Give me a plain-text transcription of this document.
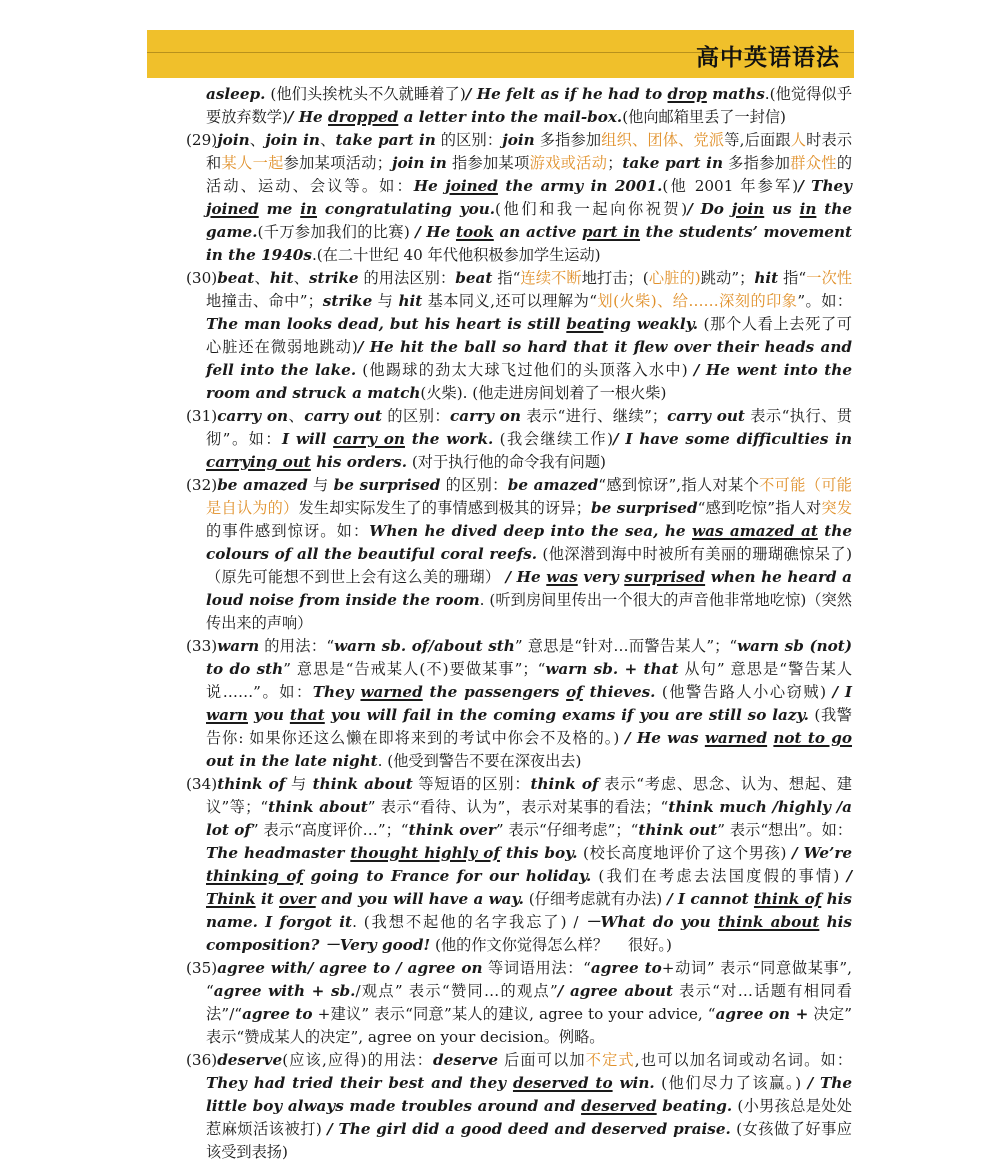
高中英语语法
asleep. (他们头挨枕头不久就睡着了)/ He felt as if he had to drop maths.(他觉得似乎要放弃数学)/ He dropped a letter into the mail-box.(他向邮箱里丢了一封信)
(29)join、join in、take part in 的区别：join 多指参加组织、团体、党派等,后面跟人时表示和某人一起参加某项活动；join in 指参加某项游戏或活动；take part in 多指参加群众性的活动、运动、会议等。如：He joined the army in 2001.(他 2001 年参军)/ They joined me in congratulating you.(他们和我一起向你祝贺)/ Do join us in the game.(千万参加我们的比赛) / He took an active part in the students’ movement in the 1940s.(在二十世纪 40 年代他积极参加学生运动)
(30)beat、hit、strike 的用法区别：beat 指“连续不断地打击；(心脏的)跳动”；hit 指“一次性地撞击、命中”；strike 与 hit 基本同义,还可以理解为“划(火柴)、给……深刻的印象”。如：The man looks dead, but his heart is still beating weakly. (那个人看上去死了可心脏还在微弱地跳动)/ He hit the ball so hard that it flew over their heads and fell into the lake. (他踢球的劲太大球飞过他们的头顶落入水中) / He went into the room and struck a match(火柴). (他走进房间划着了一根火柴)
(31)carry on、carry out 的区别：carry on 表示“进行、继续”；carry out 表示“执行、贯彻”。如：I will carry on the work. (我会继续工作)/ I have some difficulties in carrying out his orders. (对于执行他的命令我有问题)
(32)be amazed 与 be surprised 的区别：be amazed“感到惊讶”,指人对某个不可能（可能是自认为的）发生却实际发生了的事情感到极其的讶异；be surprised“感到吃惊”指人对突发的事件感到惊讶。如：When he dived deep into the sea, he was amazed at the colours of all the beautiful coral reefs. (他深潜到海中时被所有美丽的珊瑚礁惊呆了)（原先可能想不到世上会有这么美的珊瑚） / He was very surprised when he heard a loud noise from inside the room. (听到房间里传出一个很大的声音他非常地吃惊)（突然传出来的声响）
(33)warn 的用法：“warn sb. of/about sth” 意思是“针对…而警告某人”；“warn sb (not) to do sth” 意思是“告戒某人(不)要做某事”；“warn sb. + that 从句” 意思是“警告某人说……”。如：They warned the passengers of thieves. (他警告路人小心窃贼) / I warn you that you will fail in the coming exams if you are still so lazy. (我警告你: 如果你还这么懒在即将来到的考试中你会不及格的。) / He was warned not to go out in the late night. (他受到警告不要在深夜出去)
(34)think of 与 think about 等短语的区别：think of 表示“考虑、思念、认为、想起、建议”等；“think about” 表示“看待、认为”，表示对某事的看法；“think much /highly /a lot of” 表示“高度评价…”；“think over” 表示“仔细考虑”；“think out” 表示“想出”。如：The headmaster thought highly of this boy. (校长高度地评价了这个男孩) / We’re thinking of going to France for our holiday. (我们在考虑去法国度假的事情) / Think it over and you will have a way. (仔细考虑就有办法) / I cannot think of his name. I forgot it. (我想不起他的名字我忘了) / －What do you think about his composition? －Very good! (他的作文你觉得怎么样？　 很好。)
(35)agree with/ agree to / agree on 等词语用法：“agree to+动词” 表示“同意做某事”, “agree with + sb./观点” 表示“赞同…的观点”/ agree about 表示“对…话题有相同看法”/“agree to +建议” 表示“同意”某人的建议, agree to your advice, “agree on + 决定” 表示“赞成某人的决定”, agree on your decision。例略。
(36)deserve(应该,应得)的用法：deserve 后面可以加不定式,也可以加名词或动名词。如：They had tried their best and they deserved to win. (他们尽力了该赢。) / The little boy always made troubles around and deserved beating. (小男孩总是处处惹麻烦活该被打) / The girl did a good deed and deserved praise. (女孩做了好事应该受到表扬)
